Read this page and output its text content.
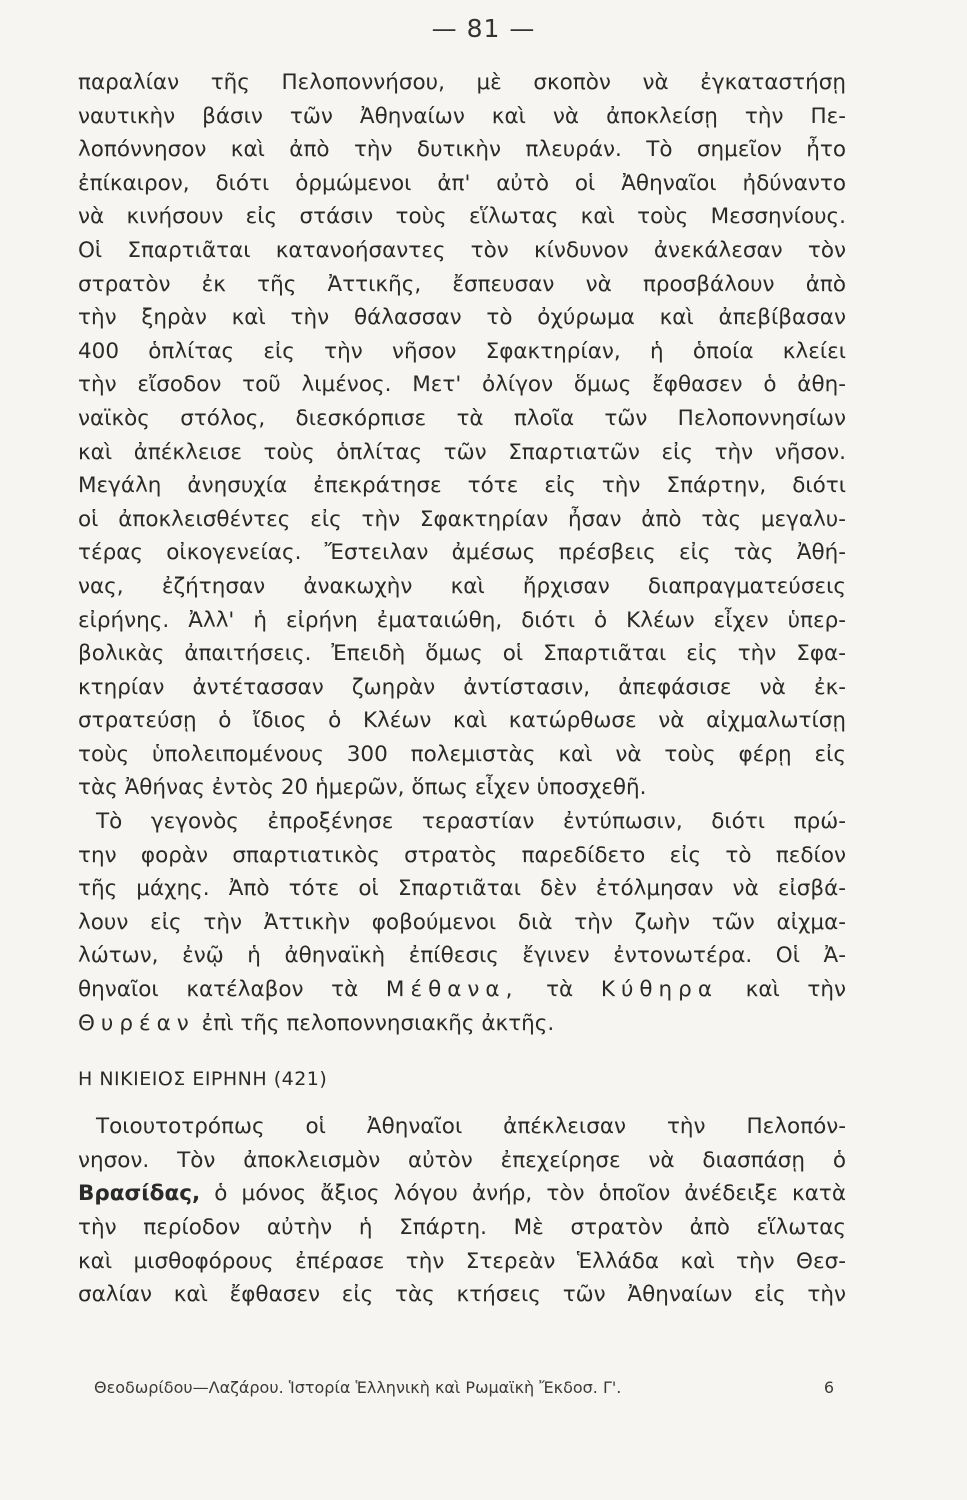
— 81 —
παραλίαν τῆς Πελοποννήσου, μὲ σκοπὸν νὰ ἐγκαταστήσῃ
ναυτικὴν βάσιν τῶν Ἀθηναίων καὶ νὰ ἀποκλείσῃ τὴν Πε-
λοπόννησον καὶ ἀπὸ τὴν δυτικὴν πλευράν. Τὸ σημεῖον ἦτο
ἐπίκαιρον, διότι ὁρμώμενοι ἀπ' αὐτὸ οἱ Ἀθηναῖοι ἠδύναντο
νὰ κινήσουν εἰς στάσιν τοὺς εἵλωτας καὶ τοὺς Μεσσηνίους.
Οἱ Σπαρτιᾶται κατανοήσαντες τὸν κίνδυνον ἀνεκάλεσαν τὸν
στρατὸν ἐκ τῆς Ἀττικῆς, ἔσπευσαν νὰ προσβάλουν ἀπὸ
τὴν ξηρὰν καὶ τὴν θάλασσαν τὸ ὀχύρωμα καὶ ἀπεβίβασαν
400 ὁπλίτας εἰς τὴν νῆσον Σφακτηρίαν, ἡ ὁποία κλείει
τὴν εἴσοδον τοῦ λιμένος. Μετ' ὀλίγον ὅμως ἔφθασεν ὁ ἀθη-
ναϊκὸς στόλος, διεσκόρπισε τὰ πλοῖα τῶν Πελοποννησίων
καὶ ἀπέκλεισε τοὺς ὁπλίτας τῶν Σπαρτιατῶν εἰς τὴν νῆσον.
Μεγάλη ἀνησυχία ἐπεκράτησε τότε εἰς τὴν Σπάρτην, διότι
οἱ ἀποκλεισθέντες εἰς τὴν Σφακτηρίαν ἦσαν ἀπὸ τὰς μεγαλυ-
τέρας οἰκογενείας. Ἔστειλαν ἀμέσως πρέσβεις εἰς τὰς Ἀθή-
νας, ἐζήτησαν ἀνακωχὴν καὶ ἤρχισαν διαπραγματεύσεις
εἰρήνης. Ἀλλ' ἡ εἰρήνη ἐματαιώθη, διότι ὁ Κλέων εἶχεν ὑπερ-
βολικὰς ἀπαιτήσεις. Ἐπειδὴ ὅμως οἱ Σπαρτιᾶται εἰς τὴν Σφα-
κτηρίαν ἀντέτασσαν ζωηρὰν ἀντίστασιν, ἀπεφάσισε νὰ ἐκ-
στρατεύσῃ ὁ ἴδιος ὁ Κλέων καὶ κατώρθωσε νὰ αἰχμαλωτίσῃ
τοὺς ὑπολειπομένους 300 πολεμιστὰς καὶ νὰ τοὺς φέρῃ εἰς
τὰς Ἀθήνας ἐντὸς 20 ἡμερῶν, ὅπως εἶχεν ὑποσχεθῆ.
Τὸ γεγονὸς ἐπροξένησε τεραστίαν ἐντύπωσιν, διότι πρώ-
την φορὰν σπαρτιατικὸς στρατὸς παρεδίδετο εἰς τὸ πεδίον
τῆς μάχης. Ἀπὸ τότε οἱ Σπαρτιᾶται δὲν ἐτόλμησαν νὰ εἰσβά-
λουν εἰς τὴν Ἀττικὴν φοβούμενοι διὰ τὴν ζωὴν τῶν αἰχμα-
λώτων, ἐνῷ ἡ ἀθηναϊκὴ ἐπίθεσις ἔγινεν ἐντονωτέρα. Οἱ Ἀ-
θηναῖοι κατέλαβον τὰ Μέθανα, τὰ Κύθηρα καὶ τὴν
Θυρέαν ἐπὶ τῆς πελοποννησιακῆς ἀκτῆς.
Η ΝΙΚΙΕΙΟΣ ΕΙΡΗΝΗ (421)
Τοιουτοτρόπως οἱ Ἀθηναῖοι ἀπέκλεισαν τὴν Πελοπόν-
νησον. Τὸν ἀποκλεισμὸν αὐτὸν ἐπεχείρησε νὰ διασπάσῃ ὁ
Βρασίδας, ὁ μόνος ἄξιος λόγου ἀνήρ, τὸν ὁποῖον ἀνέδειξε κατὰ
τὴν περίοδον αὐτὴν ἡ Σπάρτη. Μὲ στρατὸν ἀπὸ εἵλωτας
καὶ μισθοφόρους ἐπέρασε τὴν Στερεὰν Ἑλλάδα καὶ τὴν Θεσ-
σαλίαν καὶ ἔφθασεν εἰς τὰς κτήσεις τῶν Ἀθηναίων εἰς τὴν
Θεοδωρίδου—Λαζάρου. Ἱστορία Ἑλληνικὴ καὶ Ρωμαϊκὴ Ἔκδοσ. Γ'.	6
